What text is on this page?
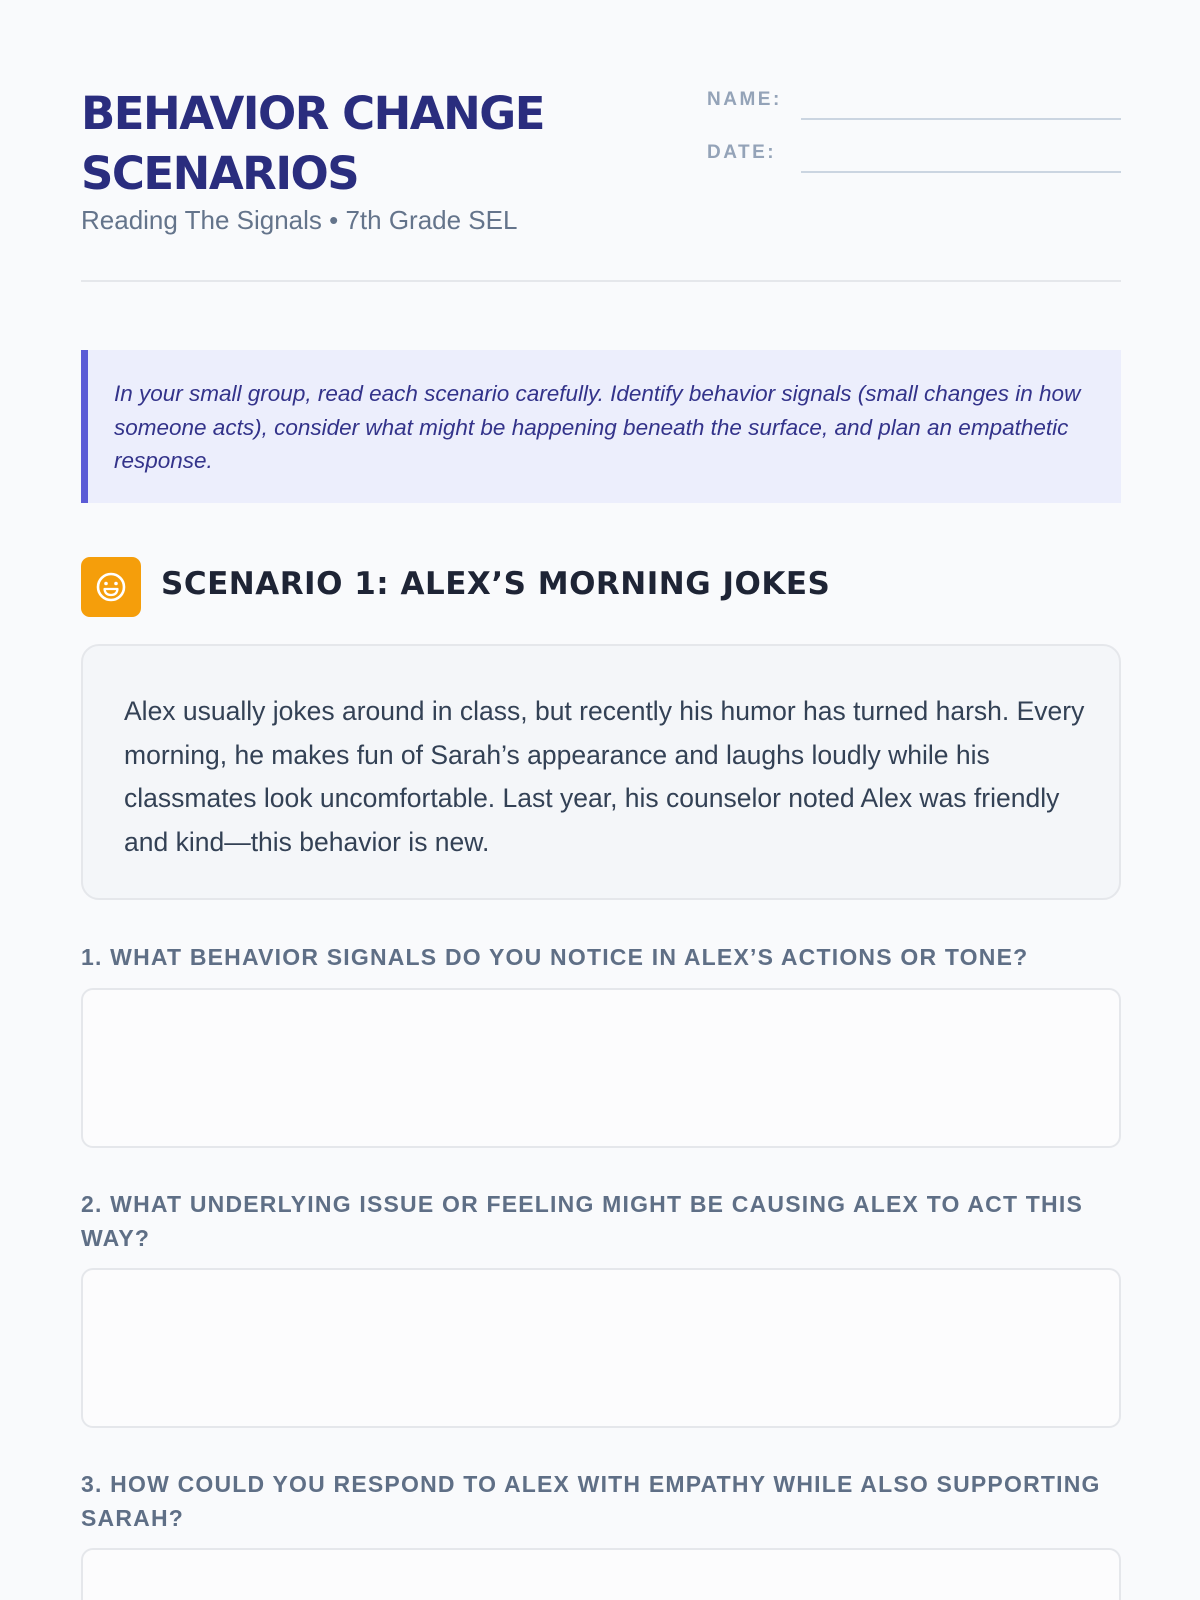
BEHAVIOR CHANGE SCENARIOS
Reading The Signals • 7th Grade SEL
NAME:
DATE:
In your small group, read each scenario carefully. Identify behavior signals (small changes in how someone acts), consider what might be happening beneath the surface, and plan an empathetic response.
SCENARIO 1: ALEX’S MORNING JOKES
Alex usually jokes around in class, but recently his humor has turned harsh. Every morning, he makes fun of Sarah’s appearance and laughs loudly while his classmates look uncomfortable. Last year, his counselor noted Alex was friendly and kind—this behavior is new.
1. WHAT BEHAVIOR SIGNALS DO YOU NOTICE IN ALEX’S ACTIONS OR TONE?
2. WHAT UNDERLYING ISSUE OR FEELING MIGHT BE CAUSING ALEX TO ACT THIS WAY?
3. HOW COULD YOU RESPOND TO ALEX WITH EMPATHY WHILE ALSO SUPPORTING SARAH?
